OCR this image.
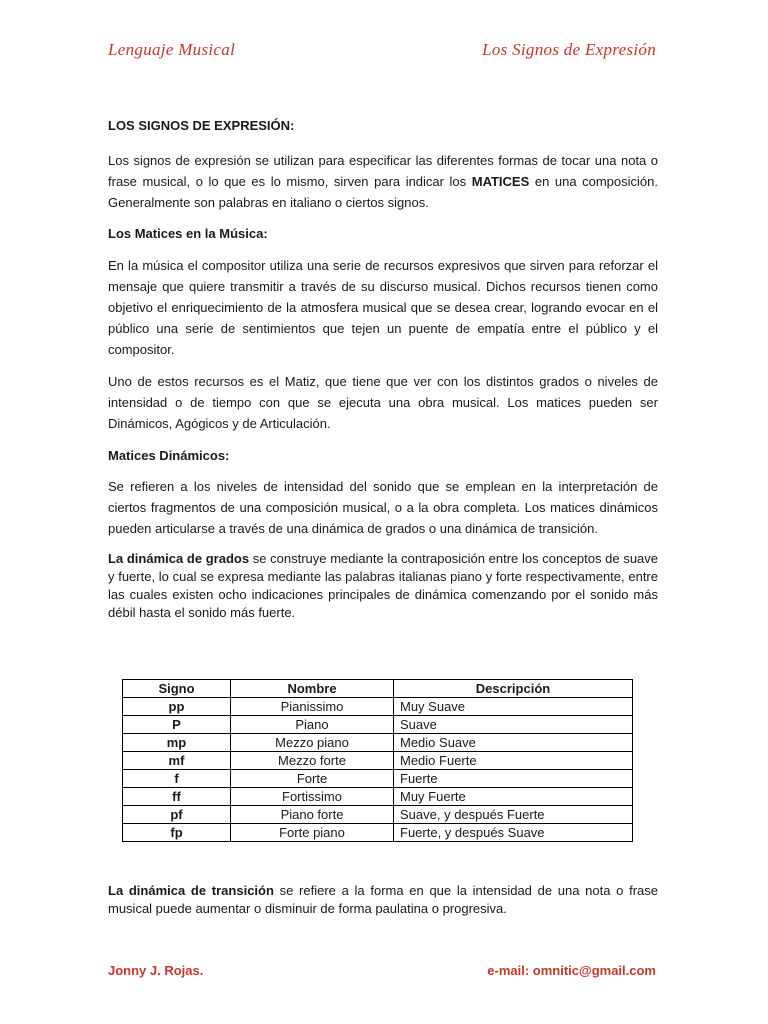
Lenguaje Musical	Los Signos de Expresión

LOS SIGNOS DE EXPRESIÓN:

Los signos de expresión se utilizan para especificar las diferentes formas de tocar una nota o frase musical, o lo que es lo mismo, sirven para indicar los MATICES en una composición. Generalmente son palabras en italiano o ciertos signos.

Los Matices en la Música:

En la música el compositor utiliza una serie de recursos expresivos que sirven para reforzar el mensaje que quiere transmitir a través de su discurso musical. Dichos recursos tienen como objetivo el enriquecimiento de la atmosfera musical que se desea crear, logrando evocar en el público una serie de sentimientos que tejen un puente de empatía entre el público y el compositor.

Uno de estos recursos es el Matiz, que tiene que ver con los distintos grados o niveles de intensidad o de tiempo con que se ejecuta una obra musical. Los matices pueden ser Dinámicos, Agógicos y de Articulación.

Matices Dinámicos:

Se refieren a los niveles de intensidad del sonido que se emplean en la interpretación de ciertos fragmentos de una composición musical, o a la obra completa. Los matices dinámicos pueden articularse a través de una dinámica de grados o una dinámica de transición.

La dinámica de grados se construye mediante la contraposición entre los conceptos de suave y fuerte, lo cual se expresa mediante las palabras italianas piano y forte respectivamente, entre las cuales existen ocho indicaciones principales de dinámica comenzando por el sonido más débil hasta el sonido más fuerte.

Signo	Nombre	Descripción
pp	Pianissimo	Muy Suave
P	Piano	Suave
mp	Mezzo piano	Medio Suave
mf	Mezzo forte	Medio Fuerte
f	Forte	Fuerte
ff	Fortissimo	Muy Fuerte
pf	Piano forte	Suave, y después Fuerte
fp	Forte piano	Fuerte, y después Suave

La dinámica de transición se refiere a la forma en que la intensidad de una nota o frase musical puede aumentar o disminuir de forma paulatina o progresiva.

Jonny J. Rojas.	e-mail: omnitic@gmail.com
